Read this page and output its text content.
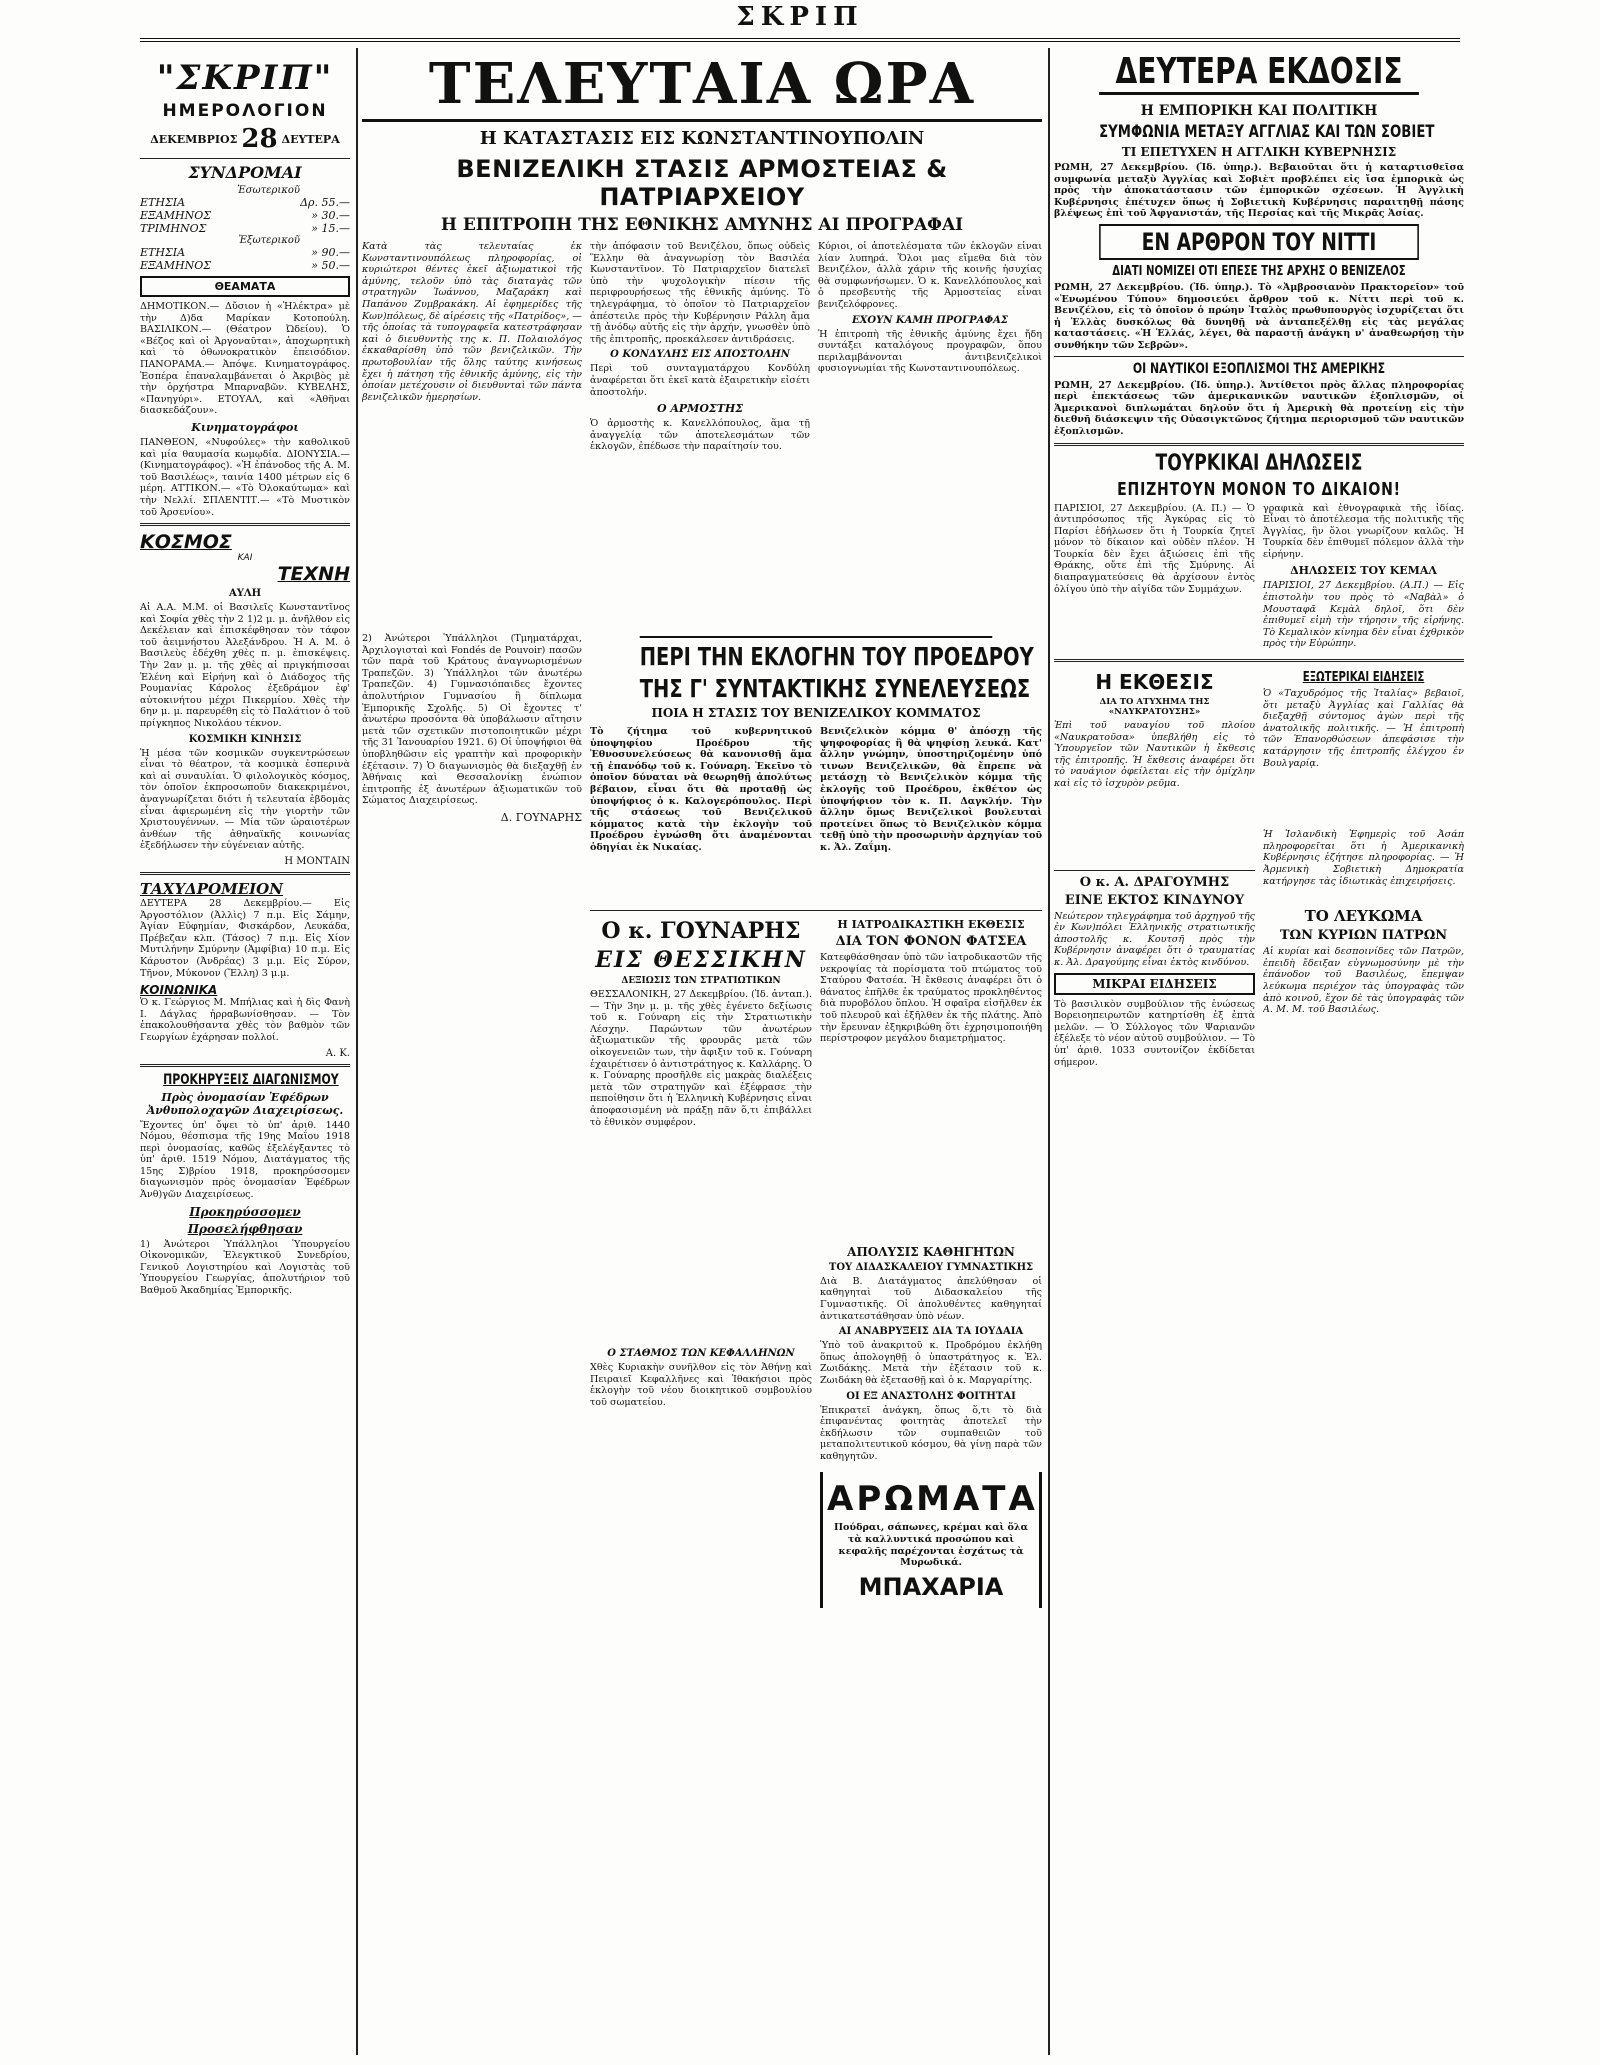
ΣΚΡΙΠ
"ΣΚΡΙΠ"
ΗΜΕΡΟΛΟΓΙΟΝ
ΔΕΚΕΜΒΡΙΟΣ 28 ΔΕΥΤΕΡΑ
ΣΥΝΔΡΟΜΑΙ
Ἐσωτερικοῦ
ΕΤΗΣΙΑ	Δρ. 55.—
ΕΞΑΜΗΝΟΣ	» 30.—
ΤΡΙΜΗΝΟΣ	» 15.—
Ἐξωτερικοῦ
ΕΤΗΣΙΑ	» 90.—
ΕΞΑΜΗΝΟΣ	» 50.—
ΘΕΑΜΑΤΑ

ΔΗΜΟΤΙΚΟΝ.— Δὔσιον ἡ «Ἠλέκτρα» μὲ τὴν Δ)δα Μαρίκαν Κοτοπούλη. ΒΑΣΙΛΙΚΟΝ.— (Θέατρον Ὠδείου). Ὁ «Βέζος καὶ οἱ Ἀργοναῦται», ἀποχωρητικὴ καὶ τὸ ὀθωνοκρατικὸν ἐπεισόδιον. ΠΑΝΟΡΑΜΑ.— Ἀπόψε. Κινηματογράφος. Ἐσπέρα ἐπαναλαμβάνεται ὁ Ἀκριβὸς μὲ τὴν ὁρχήστρα Μπαρναβῶν. ΚΥΒΕΛΗΣ, «Πανηγύρι». ΕΤΟΥΑΛ, καὶ «Ἀθῆναι διασκεδάζουν».

Κινηματογράφοι

ΠΑΝΘΕΟΝ, «Νυφούλες» τὴν καθολικοῦ καὶ μία θαυμασία κωμῳδία. ΔΙΟΝΥΣΙΑ.— (Κινηματογράφος). «Ἡ ἐπάνοδος τῆς Α. Μ. τοῦ Βασιλέως», ταινία 1400 μέτρων εἰς 6 μέρη. ΑΤΤΙΚΟΝ.— «Τὸ Ὀλοκαύτωμα» καὶ τὴν Νελλί. ΣΠΛΕΝΤΙΤ.— «Τὸ Μυστικὸν τοῦ Ἀρσενίου».

ΚΟΣΜΟΣ
ΚΑΙ
ΤΕΧΝΗ
ΑΥΛΗ

Αἱ Α.Α. Μ.Μ. οἱ Βασιλεῖς Κωνσταντῖνος καὶ Σοφία χθὲς τὴν 2 1)2 μ. μ. ἀνῆλθον εἰς Δεκέλειαν καὶ ἐπισκέφθησαν τὸν τάφον τοῦ ἀειμνήστου Ἀλεξάνδρου. Ἡ Α. Μ. ὁ Βασιλεὺς ἐδέχθη χθὲς π. μ. ἐπισκέψεις. Τὴν 2αν μ. μ. τῆς χθὲς αἱ πριγκήπισσαι Ἑλένη καὶ Εἰρήνη καὶ ὁ Διάδοχος τῆς Ρουμανίας Κάρολος ἐξεδράμον ἐφ' αὐτοκινήτου μέχρι Πικερμίου. Χθὲς τὴν 6ην μ. μ. παρευρέθη εἰς τὸ Παλάτιον ὁ τοῦ πρίγκηπος Νικολάου τέκνον.

ΚΟΣΜΙΚΗ ΚΙΝΗΣΙΣ

Ἡ μέσα τῶν κοσμικῶν συγκεντρώσεων εἶναι τὸ θέατρον, τὰ κοσμικὰ ἐσπερινὰ καὶ αἱ συναυλίαι. Ὁ φιλολογικὸς κόσμος, τὸν ὁποῖον ἐκπροσωποῦν διακεκριμένοι, ἀναγνωρίζεται διότι ἡ τελευταία ἑβδομὰς εἶναι ἀφιερωμένη εἰς τὴν γιορτὴν τῶν Χριστουγέννων. — Μία τῶν ὡραιοτέρων ἀνθέων τῆς ἀθηναϊκῆς κοινωνίας ἐξεδήλωσεν τὴν εὐγένειαν αὐτῆς.

Η ΜΟΝΤΑΙΝ
ΤΑΧΥΔΡΟΜΕΙΟΝ

ΔΕΥΤΕΡΑ 28 Δεκεμβρίου.— Εἰς Ἀργοστόλιον (Ἀλλὶς) 7 π.μ. Εἰς Σάμην, Ἀγίαν Εὐφημίαν, Φισκάρδον, Λευκάδα, Πρέβεζαν κλπ. (Τάσος) 7 π.μ. Εἰς Χίον Μυτιλήνην Σμύρνην (Ἀμφίβια) 10 π.μ. Εἰς Κάρυστον (Ἀνδρέας) 3 μ.μ. Εἰς Σύρον, Τῆνον, Μύκονον (Ἔλλη) 3 μ.μ.

ΚΟΙΝΩΝΙΚΑ

Ὁ κ. Γεώργιος Μ. Μπήλιας καὶ ἡ δὶς Φανὴ Ι. Δάγλας ἠρραβωνίσθησαν. — Τὸν ἐπακολουθήσαντα χθὲς τὸν βαθμὸν τῶν Γεωργίων ἐχάρησαν πολλοί.

Α. Κ.
ΠΡΟΚΗΡΥΞΕΙΣ ΔΙΑΓΩΝΙΣΜΟΥ
Πρὸς ὀνομασίαν Ἐφέδρων Ἀνθυπολοχαγῶν Διαχειρίσεως.

Ἔχοντες ὑπ' ὄψει τὸ ὑπ' ἀριθ. 1440 Νόμου, θέσπισμα τῆς 19ης Μαΐου 1918 περὶ ὀνομασίας, καθῶς ἐξελέγξαντες τὸ ὑπ' ἀριθ. 1519 Νόμου, Διατάγματος τῆς 15ης Σ)βρίου 1918, προκηρύσσομεν διαγωνισμὸν πρὸς ὀνομασίαν Ἐφέδρων Ἀνθ)γῶν Διαχειρίσεως.

Προκηρύσσομεν
Προσελήφθησαν

1) Ἀνώτεροι Ὑπάλληλοι Ὑπουργείου Οἰκονομικῶν, Ἐλεγκτικοῦ Συνεδρίου, Γενικοῦ Λογιστηρίου καὶ Λογιστὰς τοῦ Ὑπουργείου Γεωργίας, ἀπολυτήριον τοῦ Βαθμοῦ Ἀκαδημίας Ἐμπορικῆς.

ΤΕΛΕΥΤΑΙΑ ΩΡΑ
Η ΚΑΤΑΣΤΑΣΙΣ ΕΙΣ ΚΩΝΣΤΑΝΤΙΝΟΥΠΟΛΙΝ
ΒΕΝΙΖΕΛΙΚΗ ΣΤΑΣΙΣ ΑΡΜΟΣΤΕΙΑΣ & ΠΑΤΡΙΑΡΧΕΙΟΥ
Η ΕΠΙΤΡΟΠΗ ΤΗΣ ΕΘΝΙΚΗΣ ΑΜΥΝΗΣ ΑΙ ΠΡΟΓΡΑΦΑΙ

Κατὰ τὰς τελευταίας ἐκ Κωνσταντινουπόλεως πληροφορίας, οἱ κυριώτεροι θέντες ἐκεῖ ἀξιωματικοὶ τῆς ἀμύνης, τελοῦν ὑπὸ τὰς διαταγὰς τῶν στρατηγῶν Ἰωάννου, Μαζαράκη καὶ Παπάνου Ζυμβρακάκη. Αἱ ἐφημερίδες τῆς Κων)πόλεως, δὲ αἱρέσεις τῆς «Πατρίδος», — τῆς ὁποίας τὰ τυπογραφεῖα κατεστράφησαν καὶ ὁ διευθυντὴς της κ. Π. Πολαιολόγος ἐκκαθαρίσθη ὑπὸ τῶν βενιζελικῶν. Τὴν πρωτοβουλίαν τῆς ὅλης ταύτης κινήσεως ἔχει ἡ πάτηση τῆς ἐθνικῆς ἀμύνης, εἰς τὴν ὁποίαν μετέχουσιν οἱ διευθυνταὶ τῶν πάντα βενιζελικῶν ἡμερησίων.

τὴν ἀπόφασιν τοῦ Βενιζέλου, ὅπως οὐδεὶς Ἕλλην θὰ ἀναγνωρίσῃ τὸν Βασιλέα Κωνσταντῖνον. Τὸ Πατριαρχεῖον διατελεῖ ὑπὸ τὴν ψυχολογικὴν πίεσιν τῆς περιφρουρήσεως τῆς ἐθνικῆς ἀμύνης. Τὸ τηλεγράφημα, τὸ ὁποῖον τὸ Πατριαρχεῖον ἀπέστειλε πρὸς τὴν Κυβέρνησιν Ράλλη ἄμα τῇ ἀνόδῳ αὐτῆς εἰς τὴν ἀρχήν, γνωσθὲν ὑπὸ τῆς ἐπιτροπῆς, προεκάλεσεν ἀντιδράσεις.

Ο ΚΟΝΔΥΛΗΣ ΕΙΣ ΑΠΟΣΤΟΛΗΝ

Περὶ τοῦ συνταγματάρχου Κονδύλη ἀναφέρεται ὅτι ἐκεῖ κατὰ ἐξαιρετικὴν εἰσέτι ἀποστολήν.

Ο ΑΡΜΟΣΤΗΣ

Ὁ ἁρμοστὴς κ. Κανελλόπουλος, ἅμα τῇ ἀναγγελίᾳ τῶν ἀποτελεσμάτων τῶν ἐκλογῶν, ἐπέδωσε τὴν παραίτησίν του.

Κύριοι, οἱ ἀποτελέσματα τῶν ἐκλογῶν εἶναι λίαν λυπηρά. Ὅλοι μας εἴμεθα διὰ τὸν Βενιζέλον, ἀλλὰ χάριν τῆς κοινῆς ἡσυχίας θὰ συμφωνήσωμεν. Ὁ κ. Κανελλόπουλος καὶ ὁ πρεσβευτὴς τῆς Ἀρμοστείας εἶναι βενιζελόφρονες.

ΕΧΟΥΝ ΚΑΜΗ ΠΡΟΓΡΑΦΑΣ

Ἡ ἐπιτροπὴ τῆς ἐθνικῆς ἀμύνης ἔχει ἤδη συντάξει καταλόγους προγραφῶν, ὅπου περιλαμβάνονται ἀντιβενιζελικοὶ φυσιογνωμίαι τῆς Κωνσταντινουπόλεως.

2) Ἀνώτεροι Ὑπάλληλοι (Τμηματάρχαι, Ἀρχιλογισταὶ καὶ Fondés de Pouvoir) πασῶν τῶν παρὰ τοῦ Κράτους ἀναγνωρισμένων Τραπεζῶν. 3) Ὑπάλληλοι τῶν ἀνωτέρω Τραπεζῶν. 4) Γυμνασιόπαιδες ἔχοντες ἀπολυτήριον Γυμνασίου ἢ δίπλωμα Ἐμπορικῆς Σχολῆς. 5) Οἱ ἔχοντες τ' ἀνωτέρω προσόντα θὰ ὑποβάλωσιν αἴτησιν μετὰ τῶν σχετικῶν πιστοποιητικῶν μέχρι τῆς 31 Ἰανουαρίου 1921. 6) Οἱ ὑποψήφιοι θὰ ὑποβληθῶσιν εἰς γραπτὴν καὶ προφορικὴν ἐξέτασιν. 7) Ὁ διαγωνισμὸς θὰ διεξαχθῇ ἐν Ἀθήναις καὶ Θεσσαλονίκῃ ἐνώπιον ἐπιτροπῆς ἐξ ἀνωτέρων ἀξιωματικῶν τοῦ Σώματος Διαχειρίσεως.

Δ. ΓΟΥΝΑΡΗΣ
ΠΕΡΙ ΤΗΝ ΕΚΛΟΓΗΝ ΤΟΥ ΠΡΟΕΔΡΟΥ
ΤΗΣ Γ' ΣΥΝΤΑΚΤΙΚΗΣ ΣΥΝΕΛΕΥΣΕΩΣ
ΠΟΙΑ Η ΣΤΑΣΙΣ ΤΟΥ ΒΕΝΙΖΕΛΙΚΟΥ ΚΟΜΜΑΤΟΣ

Τὸ ζήτημα τοῦ κυβερνητικοῦ ὑποψηφίου Προέδρου τῆς Ἐθνοσυνελεύσεως θὰ κανονισθῇ ἅμα τῇ ἐπανόδῳ τοῦ κ. Γούναρη. Ἐκεῖνο τὸ ὁποῖον δύναται νὰ θεωρηθῇ ἀπολύτως βέβαιον, εἶναι ὅτι θὰ προταθῇ ὡς ὑποψήφιος ὁ κ. Καλογερόπουλος. Περὶ τῆς στάσεως τοῦ Βενιζελικοῦ κόμματος κατὰ τὴν ἐκλογὴν τοῦ Προέδρου ἐγνώσθη ὅτι ἀναμένονται ὁδηγίαι ἐκ Νικαίας.

Βενιζελικὸν κόμμα θ' ἀπόσχῃ τῆς ψηφοφορίας ἢ θὰ ψηφίσῃ λευκά. Κατ' ἄλλην γνώμην, ὑποστηριζομένην ὑπό τινων Βενιζελικῶν, θὰ ἔπρεπε νὰ μετάσχῃ τὸ Βενιζελικὸν κόμμα τῆς ἐκλογῆς τοῦ Προέδρου, ἐκθέτον ὡς ὑποψήφιον τὸν κ. Π. Δαγκλήν. Τὴν ἄλλην ὅμως Βενιζελικοὶ βουλευταὶ προτείνει ὅπως τὸ Βενιζελικὸν κόμμα τεθῇ ὑπὸ τὴν προσωρινὴν ἀρχηγίαν τοῦ κ. Ἀλ. Ζαΐμη.

Ο κ. ΓΟΥΝΑΡΗΣ
ΕΙΣ ΘΕΣΣΙΚΗΝ
ΔΕΞΙΩΣΙΣ ΤΩΝ ΣΤΡΑΤΙΩΤΙΚΩΝ

ΘΕΣΣΑΛΟΝΙΚΗ, 27 Δεκεμβρίου. (Ἰδ. ἀνταπ.).— Τὴν 3ην μ. μ. τῆς χθὲς ἐγένετο δεξίωσις τοῦ κ. Γούναρη εἰς τὴν Στρατιωτικὴν Λέσχην. Παρώντων τῶν ἀνωτέρων ἀξιωματικῶν τῆς φρουρᾶς μετὰ τῶν οἰκογενειῶν των, τὴν ἄφιξιν τοῦ κ. Γούναρη ἐχαιρέτισεν ὁ ἀντιστράτηγος κ. Καλλάρης. Ὁ κ. Γούναρης προσῆλθε εἰς μακρὰς διαλέξεις μετὰ τῶν στρατηγῶν καὶ ἐξέφρασε τὴν πεποίθησιν ὅτι ἡ Ἑλληνικὴ Κυβέρνησις εἶναι ἀποφασισμένη νὰ πράξῃ πᾶν ὅ,τι ἐπιβάλλει τὸ ἐθνικὸν συμφέρον.

Ο ΣΤΑΘΜΟΣ ΤΩΝ ΚΕΦΑΛΛΗΝΩΝ

Χθὲς Κυριακὴν συνῆλθον εἰς τὸν Ἀθήνῃ καὶ Πειραιεῖ Κεφαλλῆνες καὶ Ἰθακήσιοι πρὸς ἐκλογὴν τοῦ νέου διοικητικοῦ συμβουλίου τοῦ σωματείου.

Η ΙΑΤΡΟΔΙΚΑΣΤΙΚΗ ΕΚΘΕΣΙΣ
ΔΙΑ ΤΟΝ ΦΟΝΟΝ ΦΑΤΣΕΑ

Κατεφθάσθησαν ὑπὸ τῶν ἰατροδικαστῶν τῆς νεκροψίας τὰ πορίσματα τοῦ πτώματος τοῦ Σταύρου Φατσέα. Ἡ ἔκθεσις ἀναφέρει ὅτι ὁ θάνατος ἐπῆλθε ἐκ τραύματος προκληθέντος διὰ πυροβόλου ὅπλου. Ἡ σφαῖρα εἰσῆλθεν ἐκ τοῦ πλευροῦ καὶ ἐξῆλθεν ἐκ τῆς πλάτης. Ἀπὸ τὴν ἔρευναν ἐξηκριβώθη ὅτι ἐχρησιμοποιήθη περίστροφον μεγάλου διαμετρήματος.

ΑΠΟΛΥΣΙΣ ΚΑΘΗΓΗΤΩΝ
ΤΟΥ ΔΙΔΑΣΚΑΛΕΙΟΥ ΓΥΜΝΑΣΤΙΚΗΣ

Διὰ Β. Διατάγματος ἀπελύθησαν οἱ καθηγηταὶ τοῦ Διδασκαλείου τῆς Γυμναστικῆς. Οἱ ἀπολυθέντες καθηγηταί ἀντικατεστάθησαν ὑπὸ νέων.

ΑΙ ΑΝΑΒΡΥΞΕΙΣ ΔΙΑ ΤΑ ΙΟΥΔΑΙΑ

Ὑπὸ τοῦ ἀνακριτοῦ κ. Προδρόμου ἐκλήθη ὅπως ἀπολογηθῇ ὁ ὑπαστράτηγος κ. Ἑλ. Ζωιδάκης. Μετὰ τὴν ἐξέτασιν τοῦ κ. Ζωιδάκη θὰ ἐξετασθῇ καὶ ὁ κ. Μαργαρίτης.

ΟΙ ΕΞ ΑΝΑΣΤΟΛΗΣ ΦΟΙΤΗΤΑΙ

Ἐπικρατεῖ ἀνάγκη, ὅπως ὅ,τι τὸ διὰ ἐπιφανέντας φοιτητὰς ἀποτελεῖ τὴν ἐκδήλωσιν τῶν συμπαθειῶν τοῦ μεταπολιτευτικοῦ κόσμου, θὰ γίνῃ παρὰ τῶν καθηγητῶν.

ΑΡΩΜΑΤΑ

Πούδραι, σάπωνες, κρέμαι καὶ ὅλα τὰ καλλυντικά προσώπου καὶ κεφαλῆς παρέχονται ἐσχάτως τὰ Μυρωδικά.

ΜΠΑΧΑΡΙΑ
ΔΕΥΤΕΡΑ ΕΚΔΟΣΙΣ
Η ΕΜΠΟΡΙΚΗ ΚΑΙ ΠΟΛΙΤΙΚΗ
ΣΥΜΦΩΝΙΑ ΜΕΤΑΞΥ ΑΓΓΛΙΑΣ ΚΑΙ ΤΩΝ ΣΟΒΙΕΤ
ΤΙ ΕΠΕΤΥΧΕΝ Η ΑΓΓΛΙΚΗ ΚΥΒΕΡΝΗΣΙΣ

ΡΩΜΗ, 27 Δεκεμβρίου. (Ἰδ. ὑπηρ.). Βεβαιοῦται ὅτι ἡ καταρτισθεῖσα συμφωνία μεταξὺ Ἀγγλίας καὶ Σοβιὲτ προβλέπει εἰς ἴσα ἐμπορικὰ ὡς πρὸς τὴν ἀποκατάστασιν τῶν ἐμπορικῶν σχέσεων. Ἡ Ἀγγλικὴ Κυβέρνησις ἐπέτυχεν ὅπως ἡ Σοβιετικὴ Κυβέρνησις παραιτηθῇ πάσης βλέψεως ἐπὶ τοῦ Ἀφγανιστάν, τῆς Περσίας καὶ τῆς Μικρᾶς Ἀσίας.

ΕΝ ΑΡΘΡΟΝ ΤΟΥ ΝΙΤΤΙ
ΔΙΑΤΙ ΝΟΜΙΖΕΙ ΟΤΙ ΕΠΕΣΕ ΤΗΣ ΑΡΧΗΣ Ο ΒΕΝΙΖΕΛΟΣ

ΡΩΜΗ, 27 Δεκεμβρίου. (Ἰδ. ὑπηρ.). Τὸ «Ἀμβροσιανὸν Πρακτορεῖον» τοῦ «Ἐνωμένου Τύπου» δημοσιεύει ἄρθρον τοῦ κ. Νίττι περὶ τοῦ κ. Βενιζέλου, εἰς τὸ ὁποῖον ὁ πρώην Ἰταλὸς πρωθυπουργὸς ἰσχυρίζεται ὅτι ἡ Ἑλλὰς δυσκόλως θὰ δυνηθῇ νὰ ἀνταπεξέλθῃ εἰς τὰς μεγάλας καταστάσεις. «Ἡ Ἑλλάς, λέγει, θὰ παραστῇ ἀνάγκη ν' ἀναθεωρήσῃ τὴν συνθήκην τῶν Σεβρῶν».

ΟΙ ΝΑΥΤΙΚΟΙ ΕΞΟΠΛΙΣΜΟΙ ΤΗΣ ΑΜΕΡΙΚΗΣ

ΡΩΜΗ, 27 Δεκεμβρίου. (Ἰδ. ὑπηρ.). Ἀντίθετοι πρὸς ἄλλας πληροφορίας περὶ ἐπεκτάσεως τῶν ἀμερικανικῶν ναυτικῶν ἐξοπλισμῶν, οἱ Ἀμερικανοὶ διπλωμάται δηλοῦν ὅτι ἡ Ἀμερικὴ θὰ προτείνῃ εἰς τὴν διεθνῆ διάσκεψιν τῆς Οὐασιγκτῶνος ζήτημα περιορισμοῦ τῶν ναυτικῶν ἐξοπλισμῶν.

ΤΟΥΡΚΙΚΑΙ ΔΗΛΩΣΕΙΣ
ΕΠΙΖΗΤΟΥΝ ΜΟΝΟΝ ΤΟ ΔΙΚΑΙΟΝ!

ΠΑΡΙΣΙΟΙ, 27 Δεκεμβρίου. (Α. Π.) — Ὁ ἀντιπρόσωπος τῆς Ἀγκύρας εἰς τὸ Παρίσι ἐδήλωσεν ὅτι ἡ Τουρκία ζητεῖ μόνον τὸ δίκαιον καὶ οὐδὲν πλέον. Ἡ Τουρκία δὲν ἔχει ἀξιώσεις ἐπὶ τῆς Θράκης, οὔτε ἐπὶ τῆς Σμύρνης. Αἱ διαπραγματεύσεις θὰ ἀρχίσουν ἐντὸς ὀλίγου ὑπὸ τὴν αἰγίδα τῶν Συμμάχων.

γραφικὰ καὶ ἐθνογραφικὰ τῆς ἰδίας. Εἶναι τὸ ἀποτέλεσμα τῆς πολιτικῆς τῆς Ἀγγλίας, ἣν ὅλοι γνωρίζουν καλῶς. Ἡ Τουρκία δὲν ἐπιθυμεῖ πόλεμον ἀλλὰ τὴν εἰρήνην.

ΔΗΛΩΣΕΙΣ ΤΟΥ ΚΕΜΑΛ

ΠΑΡΙΣΙΟΙ, 27 Δεκεμβρίου. (Α.Π.) — Εἰς ἐπιστολὴν του πρὸς τὸ «Ναβὰλ» ὁ Μουσταφᾶ Κεμὰλ δηλοῖ, ὅτι δὲν ἐπιθυμεῖ εἰμὴ τὴν τήρησιν τῆς εἰρήνης. Τὸ Κεμαλικὸν κίνημα δὲν εἶναι ἐχθρικὸν πρὸς τὴν Εὐρώπην.

Η ΕΚΘΕΣΙΣ
ΔΙΑ ΤΟ ΑΤΥΧΗΜΑ ΤΗΣ «ΝΑΥΚΡΑΤΟΥΣΗΣ»

Ἐπὶ τοῦ ναυαγίου τοῦ πλοίου «Ναυκρατοῦσα» ὑπεβλήθη εἰς τὸ Ὑπουργεῖον τῶν Ναυτικῶν ἡ ἔκθεσις τῆς ἐπιτροπῆς. Ἡ ἔκθεσις ἀναφέρει ὅτι τὸ ναυάγιον ὀφείλεται εἰς τὴν ὁμίχλην καὶ εἰς τὸ ἰσχυρὸν ρεῦμα.

Ο κ. Α. ΔΡΑΓΟΥΜΗΣ
ΕΙΝΕ ΕΚΤΟΣ ΚΙΝΔΥΝΟΥ

Νεώτερον τηλεγράφημα τοῦ ἀρχηγοῦ τῆς ἐν Κων)πόλει Ἑλληνικῆς στρατιωτικῆς ἀποστολῆς κ. Κουτσῆ πρὸς τὴν Κυβέρνησιν ἀναφέρει ὅτι ὁ τραυματίας κ. Ἀλ. Δραγούμης εἶναι ἐκτὸς κινδύνου.

ΜΙΚΡΑΙ ΕΙΔΗΣΕΙΣ

Τὸ βασιλικὸν συμβούλιον τῆς ἑνώσεως Βορειοηπειρωτῶν κατηρτίσθη ἐξ ἐπτὰ μελῶν. — Ὁ Σύλλογος τῶν Ψαριανῶν ἐξέλεξε τὸ νέον αὐτοῦ συμβούλιον. — Τὸ ὑπ' ἀριθ. 1033 συντονίζον ἐκδίδεται σήμερον.

ΕΞΩΤΕΡΙΚΑΙ ΕΙΔΗΣΕΙΣ

Ὁ «Ταχυδρόμος τῆς Ἰταλίας» βεβαιοῖ, ὅτι μεταξὺ Ἀγγλίας καὶ Γαλλίας θὰ διεξαχθῇ σύντομος ἀγὼν περὶ τῆς ἀνατολικῆς πολιτικῆς. — Ἡ ἐπιτροπὴ τῶν Ἐπανορθώσεων ἀπεφάσισε τὴν κατάργησιν τῆς ἐπιτροπῆς ἐλέγχου ἐν Βουλγαρίᾳ.

Ἡ Ἰσλανδικὴ Ἐφημερὶς τοῦ Ἀσάπ πληροφορεῖται ὅτι ἡ Ἀμερικανικὴ Κυβέρνησις ἐζήτησε πληροφορίας. — Ἡ Ἀρμενικὴ Σοβιετικὴ Δημοκρατία κατήργησε τὰς ἰδιωτικὰς ἐπιχειρήσεις.

ΤΟ ΛΕΥΚΩΜΑ
ΤΩΝ ΚΥΡΙΩΝ ΠΑΤΡΩΝ

Αἱ κυρίαι καὶ δεσποινίδες τῶν Πατρῶν, ἐπειδὴ ἔδειξαν εὐγνωμοσύνην μὲ τὴν ἐπάνοδον τοῦ Βασιλέως, ἔπεμψαν λεύκωμα περιέχον τὰς ὑπογραφὰς τῶν ἀπὸ κοινοῦ, ἔχον δὲ τὰς ὑπογραφὰς τῶν Α. Μ. Μ. τοῦ Βασιλέως.
